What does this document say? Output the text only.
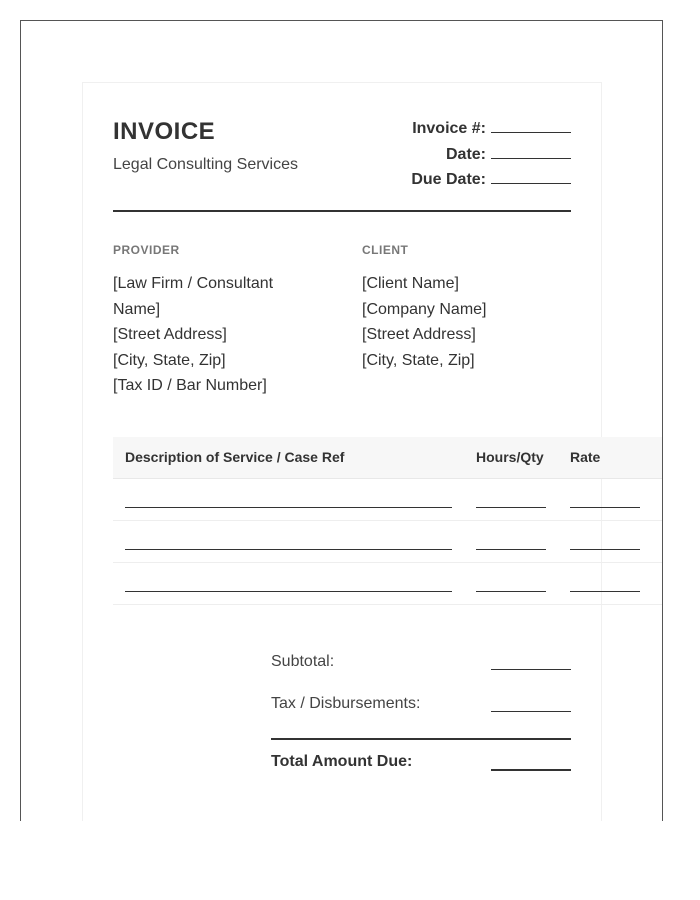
INVOICE
Legal Consulting Services
Invoice #:
Date:
Due Date:
PROVIDER
[Law Firm / Consultant
Name]
[Street Address]
[City, State, Zip]
[Tax ID / Bar Number]
CLIENT
[Client Name]
[Company Name]
[Street Address]
[City, State, Zip]
Description of Service / Case Ref	Hours/Qty Rate
Subtotal:
Tax / Disbursements:
Total Amount Due:
